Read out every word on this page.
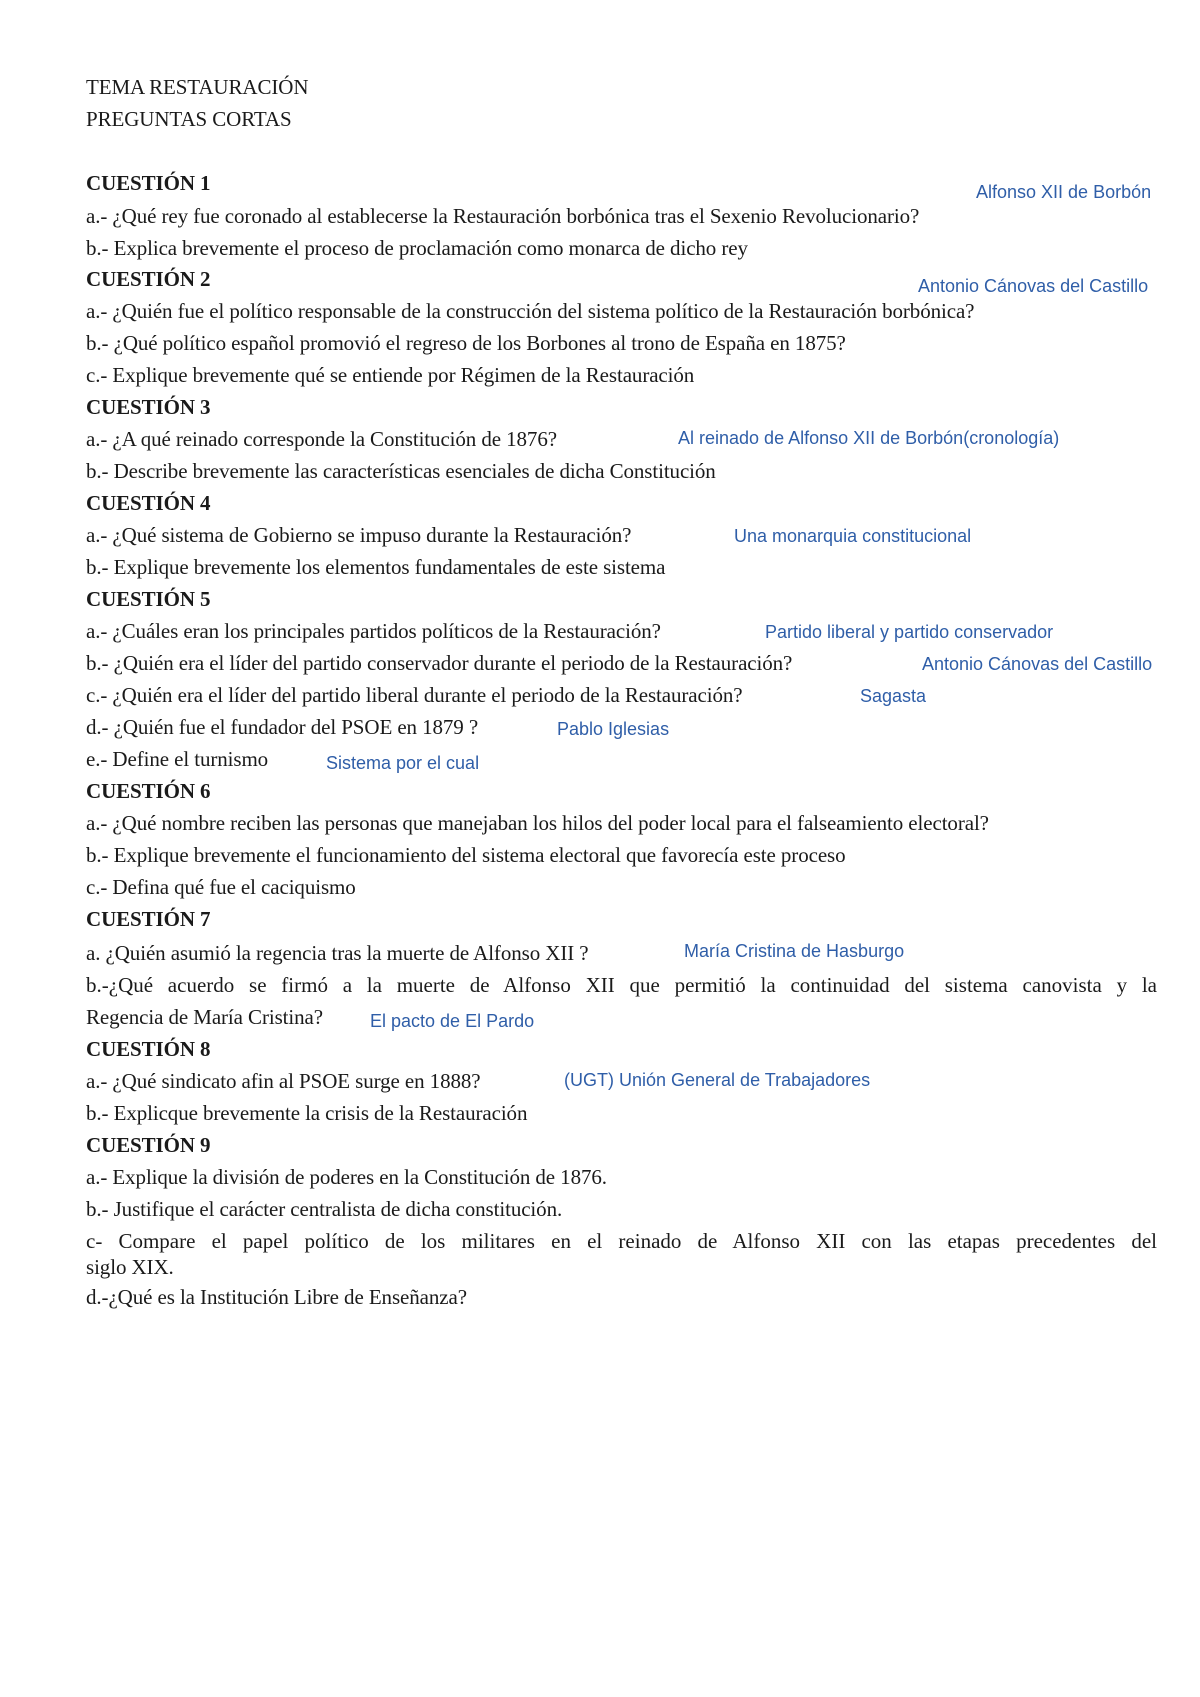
TEMA RESTAURACIÓN
PREGUNTAS CORTAS
CUESTIÓN 1	Alfonso XII de Borbón
a.- ¿Qué rey fue coronado al establecerse la Restauración borbónica tras el Sexenio Revolucionario?
b.- Explica brevemente el proceso de proclamación como monarca de dicho rey
CUESTIÓN 2	Antonio Cánovas del Castillo
a.- ¿Quién fue el político responsable de la construcción del sistema político de la Restauración borbónica?
b.- ¿Qué político español promovió el regreso de los Borbones al trono de España en 1875?
c.- Explique brevemente qué se entiende por Régimen de la Restauración
CUESTIÓN 3
a.- ¿A qué reinado corresponde la Constitución de 1876?	Al reinado de Alfonso XII de Borbón(cronología)
b.- Describe brevemente las características esenciales de dicha Constitución
CUESTIÓN 4
a.- ¿Qué sistema de Gobierno se impuso durante la Restauración?	Una monarquia constitucional
b.- Explique brevemente los elementos fundamentales de este sistema
CUESTIÓN 5
a.- ¿Cuáles eran los principales partidos políticos de la Restauración?	Partido liberal y partido conservador
b.- ¿Quién era el líder del partido conservador durante el periodo de la Restauración?	Antonio Cánovas del Castillo
c.- ¿Quién era el líder del partido liberal durante el periodo de la Restauración?	Sagasta
d.- ¿Quién fue el fundador del PSOE en 1879 ?	Pablo Iglesias
e.- Define el turnismo	Sistema por el cual
CUESTIÓN 6
a.- ¿Qué nombre reciben las personas que manejaban los hilos del poder local para el falseamiento electoral?
b.- Explique brevemente el funcionamiento del sistema electoral que favorecía este proceso
c.- Defina qué fue el caciquismo
CUESTIÓN 7
a. ¿Quién asumió la regencia tras la muerte de Alfonso XII ?	María Cristina de Hasburgo
b.-¿Qué acuerdo se firmó a la muerte de Alfonso XII que permitió la continuidad del sistema canovista y la
Regencia de María Cristina?	El pacto de El Pardo
CUESTIÓN 8
a.- ¿Qué sindicato afin al PSOE surge en 1888?	(UGT) Unión General de Trabajadores
b.- Explicque brevemente la crisis de la Restauración
CUESTIÓN 9
a.- Explique la división de poderes en la Constitución de 1876.
b.- Justifique el carácter centralista de dicha constitución.
c- Compare el papel político de los militares en el reinado de Alfonso XII con las etapas precedentes del
siglo XIX.
d.-¿Qué es la Institución Libre de Enseñanza?
